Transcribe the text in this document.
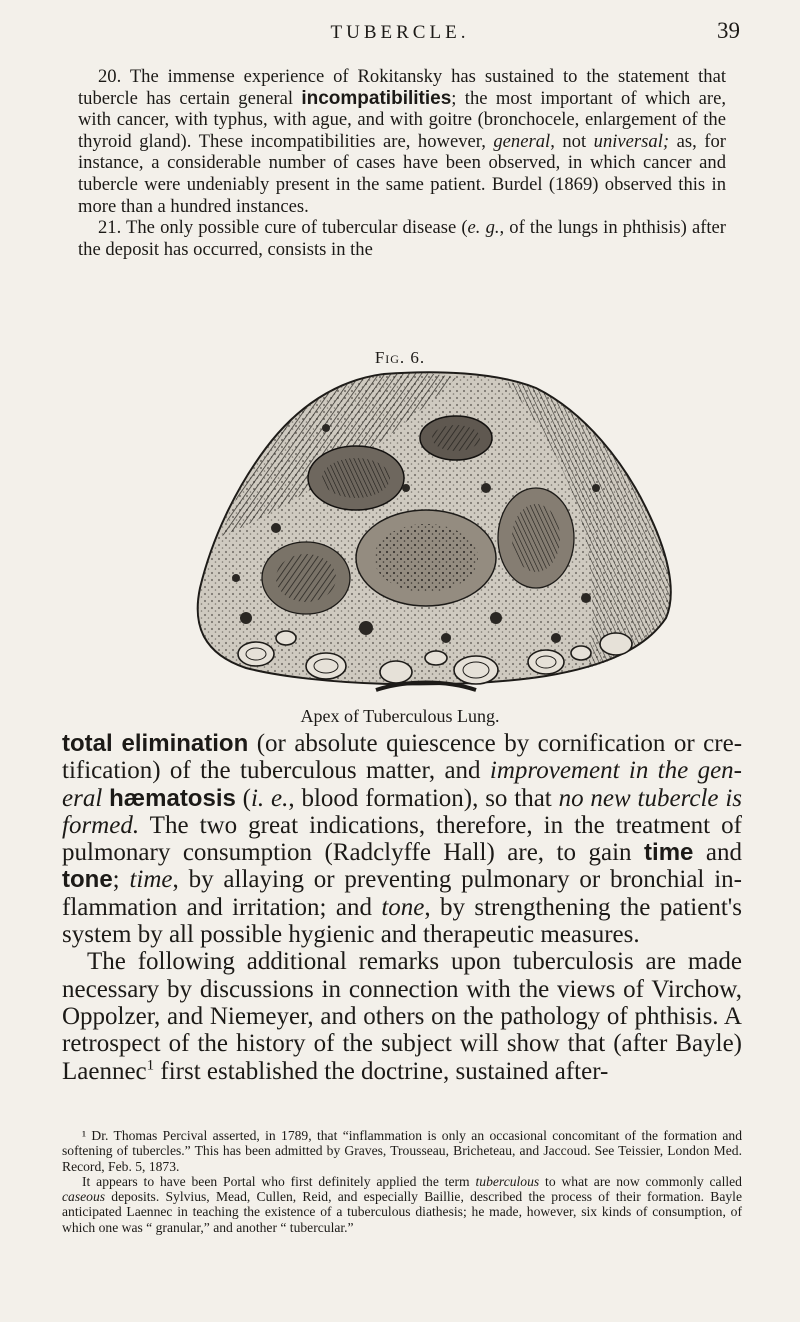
TUBERCLE.	39

20. The immense experience of Rokitansky has sustained to the statement that tubercle has certain general incompatibilities; the most important of which are, with cancer, with typhus, with ague, and with goitre (bronchocele, enlargement of the thyroid gland). These incompatibilities are, however, general, not universal; as, for instance, a considerable number of cases have been observed, in which cancer and tubercle were undeniably present in the same patient. Burdel (1869) observed this in more than a hundred instances.

21. The only possible cure of tubercular disease (e. g., of the lungs in phthisis) after the deposit has occurred, consists in the

Fig. 6.
Apex of Tuberculous Lung.

total elimination (or absolute quiescence by cornification or cretification) of the tuberculous matter, and improvement in the general hæmatosis (i. e., blood formation), so that no new tubercle is formed. The two great indications, therefore, in the treatment of pulmonary consumption (Radclyffe Hall) are, to gain time and tone; time, by allaying or preventing pulmonary or bronchial inflammation and irritation; and tone, by strengthening the patient's system by all possible hygienic and therapeutic measures.

The following additional remarks upon tuberculosis are made necessary by discussions in connection with the views of Virchow, Oppolzer, and Niemeyer, and others on the pathology of phthisis. A retrospect of the history of the subject will show that (after Bayle) Laennec$^1$ first established the doctrine, sustained after-

¹ Dr. Thomas Percival asserted, in 1789, that “inflammation is only an occasional concomitant of the formation and softening of tubercles.” This has been admitted by Graves, Trousseau, Bricheteau, and Jaccoud. See Teissier, London Med. Record, Feb. 5, 1873.

It appears to have been Portal who first definitely applied the term tuberculous to what are now commonly called caseous deposits. Sylvius, Mead, Cullen, Reid, and especially Baillie, described the process of their formation. Bayle anticipated Laennec in teaching the existence of a tuberculous diathesis; he made, however, six kinds of consumption, of which one was “ granular,” and another “ tubercular.”
